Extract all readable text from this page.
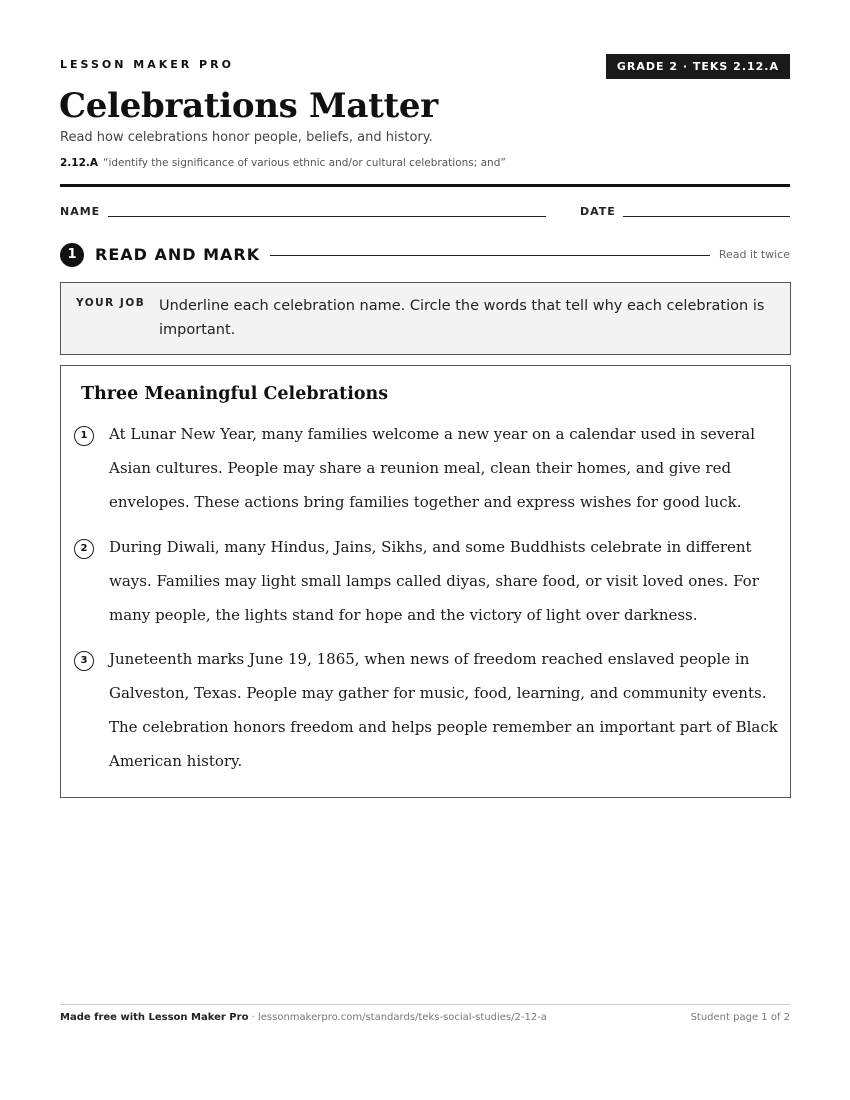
LESSON MAKER PRO	GRADE 2 · TEKS 2.12.A
Celebrations Matter
Read how celebrations honor people, beliefs, and history.
2.12.A “identify the significance of various ethnic and/or cultural celebrations; and”
NAME	DATE
1	READ AND MARK	Read it twice
YOUR JOB Underline each celebration name. Circle the words that tell why each celebration is important.
Three Meaningful Celebrations
1	At Lunar New Year, many families welcome a new year on a calendar used in several Asian cultures. People may share a reunion meal, clean their homes, and give red envelopes. These actions bring families together and express wishes for good luck.
2	During Diwali, many Hindus, Jains, Sikhs, and some Buddhists celebrate in different ways. Families may light small lamps called diyas, share food, or visit loved ones. For many people, the lights stand for hope and the victory of light over darkness.
3	Juneteenth marks June 19, 1865, when news of freedom reached enslaved people in Galveston, Texas. People may gather for music, food, learning, and community events. The celebration honors freedom and helps people remember an important part of Black American history.
Made free with Lesson Maker Pro · lessonmakerpro.com/standards/teks-social-studies/2-12-a	Student page 1 of 2
